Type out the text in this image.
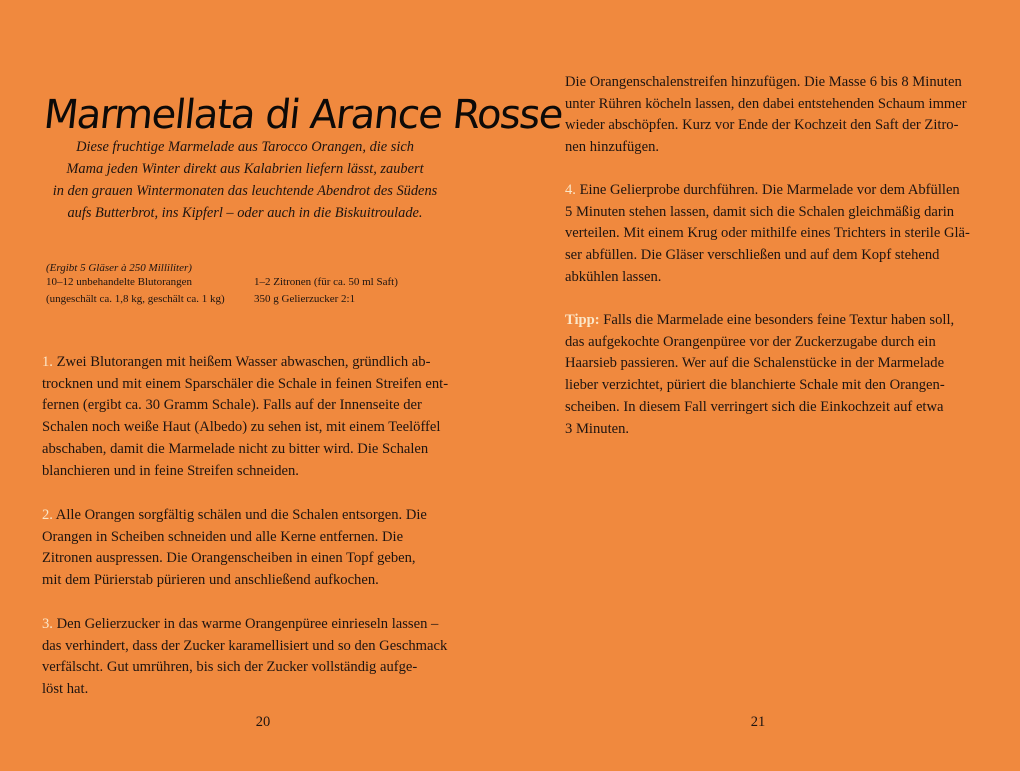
Marmellata di Arance Rosse
Diese fruchtige Marmelade aus Tarocco Orangen, die sich
Mama jeden Winter direkt aus Kalabrien liefern lässt, zaubert
in den grauen Wintermonaten das leuchtende Abendrot des Südens
aufs Butterbrot, ins Kipferl – oder auch in die Biskuitroulade.
(Ergibt 5 Gläser à 250 Milliliter)
10–12 unbehandelte Blutorangen
(ungeschält ca. 1,8 kg, geschält ca. 1 kg)
1–2 Zitronen (für ca. 50 ml Saft)
350 g Gelierzucker 2:1
1. Zwei Blutorangen mit heißem Wasser abwaschen, gründlich ab-
trocknen und mit einem Sparschäler die Schale in feinen Streifen ent-
fernen (ergibt ca. 30 Gramm Schale). Falls auf der Innenseite der
Schalen noch weiße Haut (Albedo) zu sehen ist, mit einem Teelöffel
abschaben, damit die Marmelade nicht zu bitter wird. Die Schalen
blanchieren und in feine Streifen schneiden.
2. Alle Orangen sorgfältig schälen und die Schalen entsorgen. Die
Orangen in Scheiben schneiden und alle Kerne entfernen. Die
Zitronen auspressen. Die Orangenscheiben in einen Topf geben,
mit dem Pürierstab pürieren und anschließend aufkochen.
3. Den Gelierzucker in das warme Orangenpüree einrieseln lassen –
das verhindert, dass der Zucker karamellisiert und so den Geschmack
verfälscht. Gut umrühren, bis sich der Zucker vollständig aufge-
löst hat.
20
Die Orangenschalenstreifen hinzufügen. Die Masse 6 bis 8 Minuten
unter Rühren köcheln lassen, den dabei entstehenden Schaum immer
wieder abschöpfen. Kurz vor Ende der Kochzeit den Saft der Zitro-
nen hinzufügen.
4. Eine Gelierprobe durchführen. Die Marmelade vor dem Abfüllen
5 Minuten stehen lassen, damit sich die Schalen gleichmäßig darin
verteilen. Mit einem Krug oder mithilfe eines Trichters in sterile Glä-
ser abfüllen. Die Gläser verschließen und auf dem Kopf stehend
abkühlen lassen.
Tipp: Falls die Marmelade eine besonders feine Textur haben soll,
das aufgekochte Orangenpüree vor der Zuckerzugabe durch ein
Haarsieb passieren. Wer auf die Schalenstücke in der Marmelade
lieber verzichtet, püriert die blanchierte Schale mit den Orangen-
scheiben. In diesem Fall verringert sich die Einkochzeit auf etwa
3 Minuten.
21
